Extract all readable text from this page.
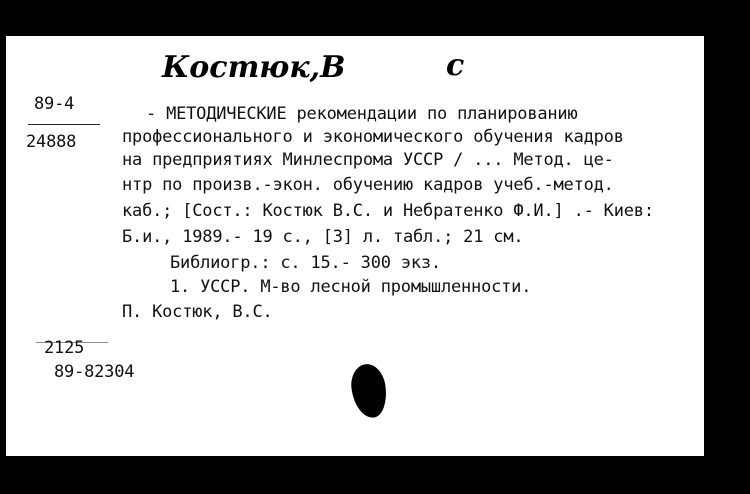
Костюк,В	с
89-4
24888
- МЕТОДИЧЕСКИЕ рекомендации по планированию
профессионального и экономического обучения кадров
на предприятиях Минлеспрома УССР / ... Метод. це-
нтр по произв.-экон. обучению кадров учеб.-метод.
каб.; [Сост.: Костюк В.С. и Небратенко Ф.И.] .- Киев:
Б.и., 1989.- 19 с., [3] л. табл.; 21 см.
Библиогр.: с. 15.- 300 экз.
1. УССР. М-во лесной промышленности.
П. Костюк, В.С.
2125
89-82304
